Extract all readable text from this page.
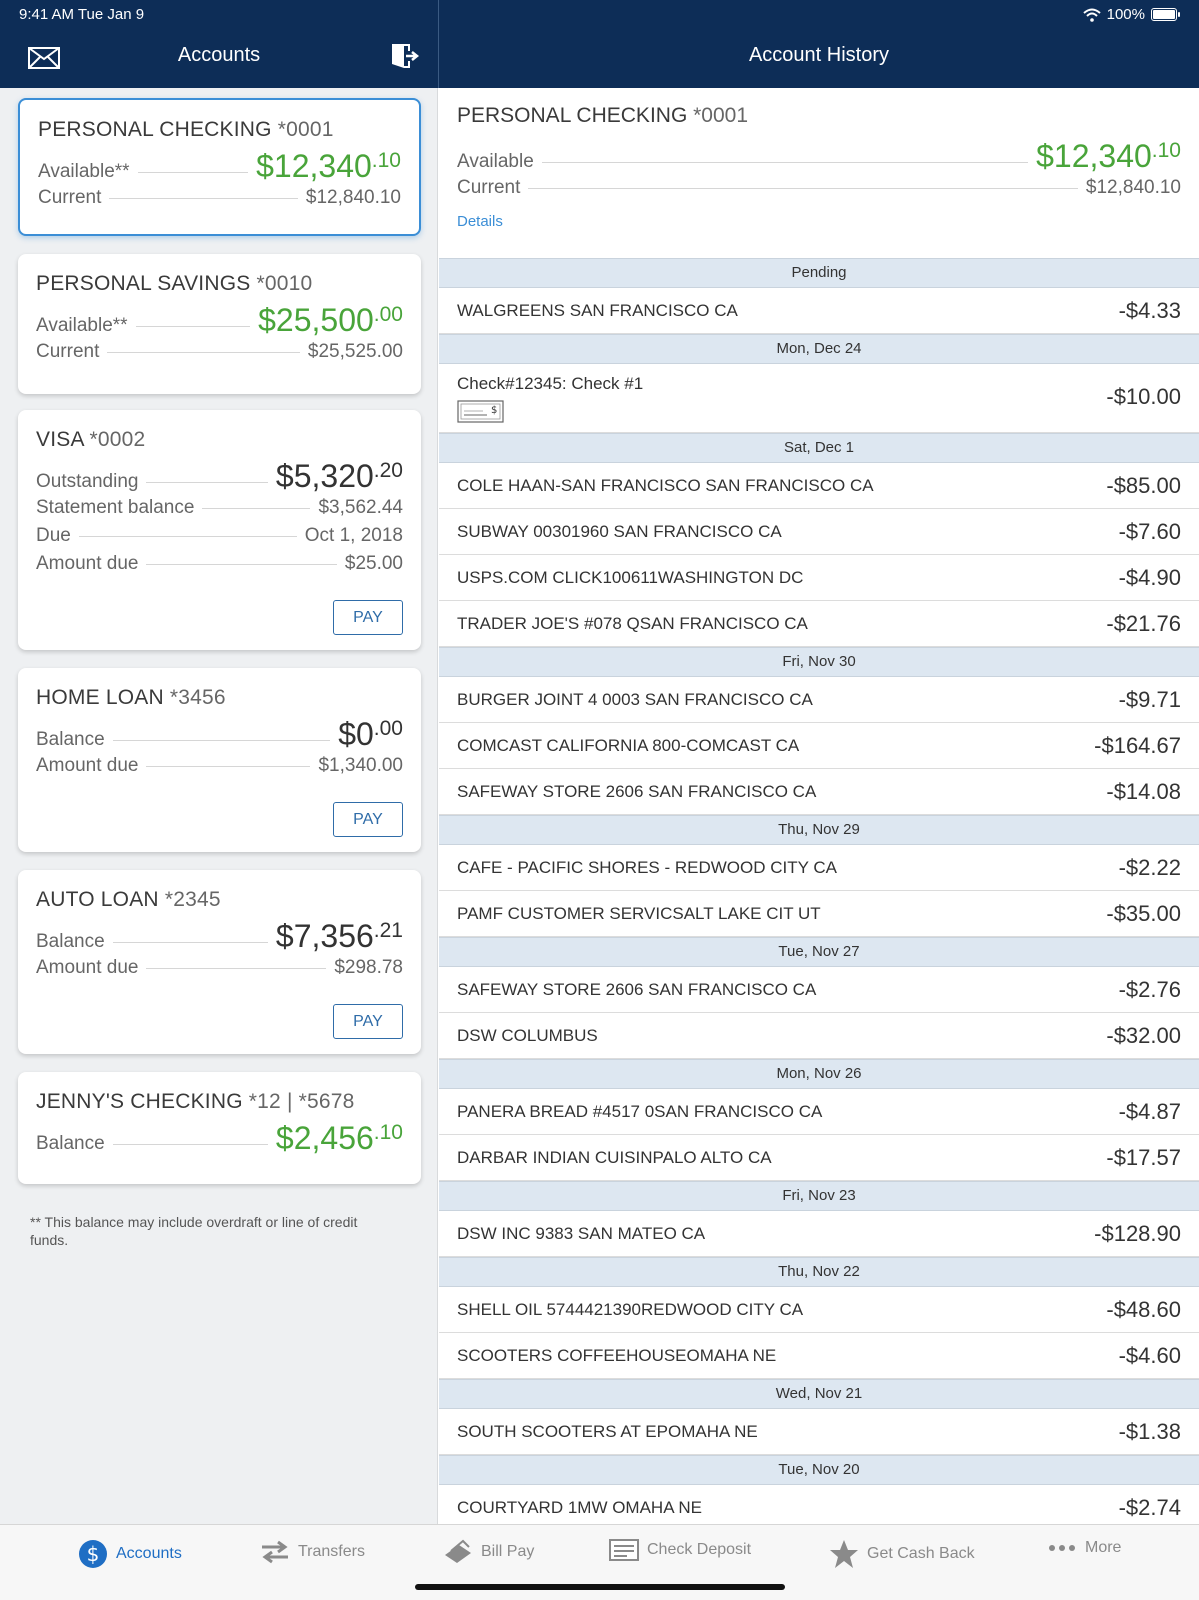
9:41 AM Tue Jan 9	100%
Accounts	Account History
PERSONAL CHECKING *0001
Available**	$\$12,340^{.10}$
Current	$12,840.10
PERSONAL SAVINGS *0010
Available**	$\$25,500^{.00}$
Current	$25,525.00
VISA *0002
Outstanding	$\$5,320^{.20}$
Statement balance	$3,562.44
Due	Oct 1, 2018
Amount due	$25.00
PAY
HOME LOAN *3456
Balance	$\$0^{.00}$
Amount due	$1,340.00
PAY
AUTO LOAN *2345
Balance	$\$7,356^{.21}$
Amount due	$298.78
PAY
JENNY'S CHECKING *12 | *5678
Balance	$\$2,456^{.10}$
** This balance may include overdraft or line of credit funds.
PERSONAL CHECKING *0001
Available	$\$12,340^{.10}$
Current	$12,840.10
Details
Pending
WALGREENS SAN FRANCISCO CA	-$4.33
Mon, Dec 24
Check#12345: Check #1
$
-$10.00
Sat, Dec 1
COLE HAAN-SAN FRANCISCO SAN FRANCISCO CA	-$85.00
SUBWAY 00301960 SAN FRANCISCO CA	-$7.60
USPS.COM CLICK100611WASHINGTON DC	-$4.90
TRADER JOE'S #078 QSAN FRANCISCO CA	-$21.76
Fri, Nov 30
BURGER JOINT 4 0003 SAN FRANCISCO CA	-$9.71
COMCAST CALIFORNIA 800-COMCAST CA	-$164.67
SAFEWAY STORE 2606 SAN FRANCISCO CA	-$14.08
Thu, Nov 29
CAFE - PACIFIC SHORES - REDWOOD CITY CA	-$2.22
PAMF CUSTOMER SERVICSALT LAKE CIT UT	-$35.00
Tue, Nov 27
SAFEWAY STORE 2606 SAN FRANCISCO CA	-$2.76
DSW COLUMBUS	-$32.00
Mon, Nov 26
PANERA BREAD #4517 0SAN FRANCISCO CA	-$4.87
DARBAR INDIAN CUISINPALO ALTO CA	-$17.57
Fri, Nov 23
DSW INC 9383 SAN MATEO CA	-$128.90
Thu, Nov 22
SHELL OIL 5744421390REDWOOD CITY CA	-$48.60
SCOOTERS COFFEEHOUSEOMAHA NE	-$4.60
Wed, Nov 21
SOUTH SCOOTERS AT EPOMAHA NE	-$1.38
Tue, Nov 20
COURTYARD 1MW OMAHA NE	-$2.74
$ Accounts	Transfers	Bill Pay	Check Deposit	Get Cash Back	More
